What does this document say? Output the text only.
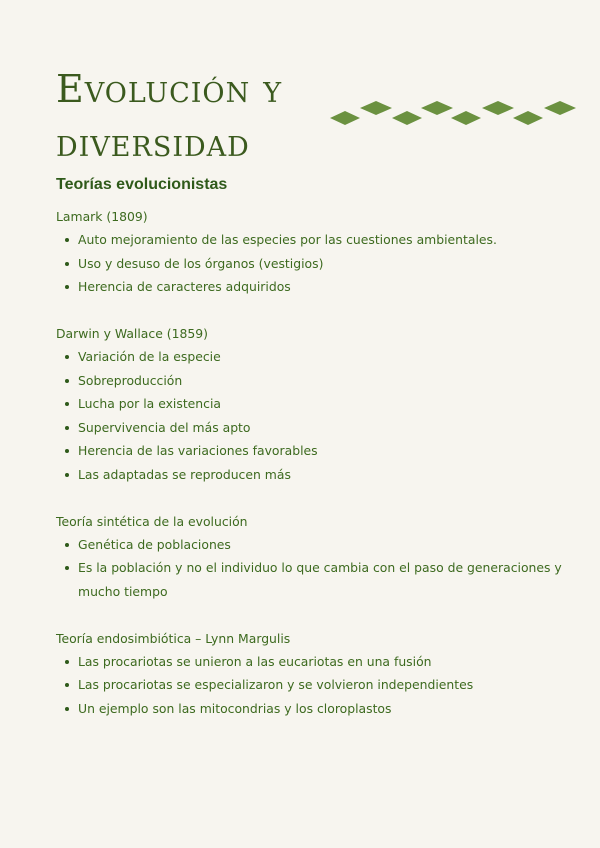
Evolución y
diversidad
Teorías evolucionistas
Lamark (1809)
Auto mejoramiento de las especies por las cuestiones ambientales.
Uso y desuso de los órganos (vestigios)
Herencia de caracteres adquiridos
Darwin y Wallace (1859)
Variación de la especie
Sobreproducción
Lucha por la existencia
Supervivencia del más apto
Herencia de las variaciones favorables
Las adaptadas se reproducen más
Teoría sintética de la evolución
Genética de poblaciones
Es la población y no el individuo lo que cambia con el paso de generaciones y mucho tiempo
Teoría endosimbiótica – Lynn Margulis
Las procariotas se unieron a las eucariotas en una fusión
Las procariotas se especializaron y se volvieron independientes
Un ejemplo son las mitocondrias y los cloroplastos
